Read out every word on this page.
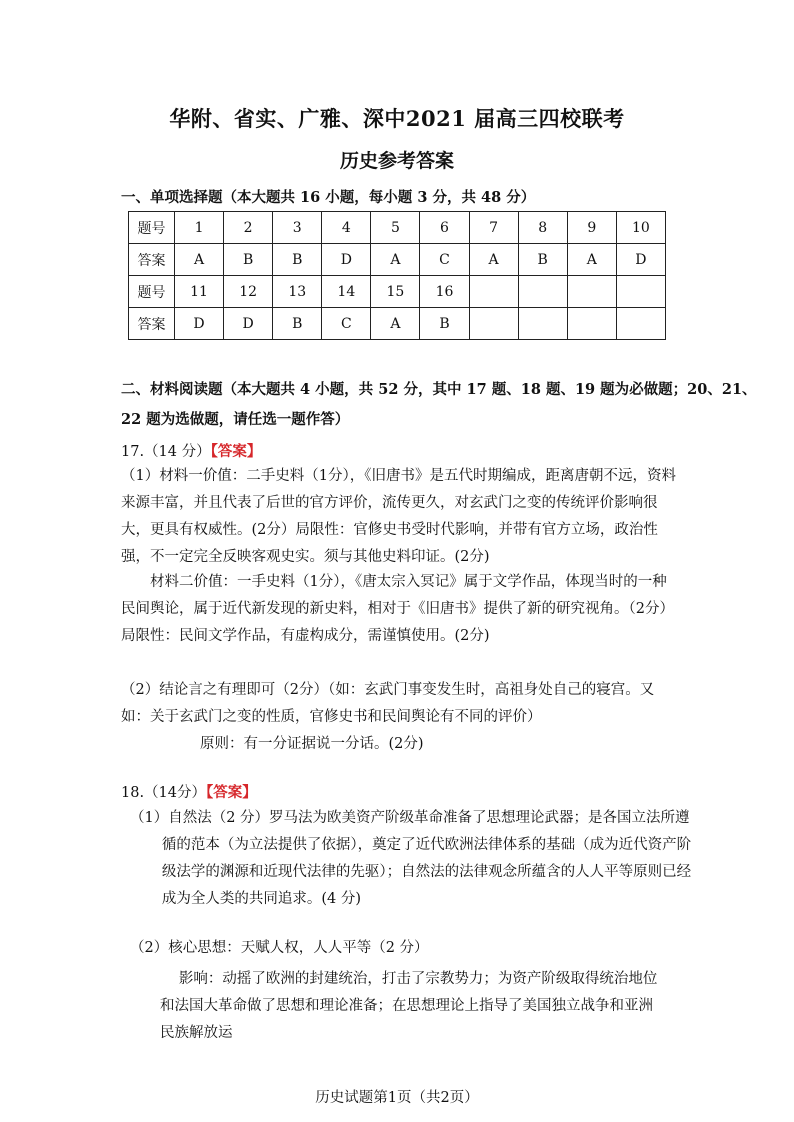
华附、省实、广雅、深中2021 届高三四校联考
历史参考答案
一、单项选择题（本大题共 16 小题，每小题 3 分，共 48 分）
题号	1	2	3	4	5	6	7	8	9	10
答案	A	B	B	D	A	C	A	B	A	D
题号	11	12	13	14	15	16				
答案	D	D	B	C	A	B				
二、材料阅读题（本大题共 4 小题，共 52 分，其中 17 题、18 题、19 题为必做题；20、21、
22 题为选做题，请任选一题作答）
17.（14 分）【答案】
（1）材料一价值：二手史料（1分），《旧唐书》是五代时期编成，距离唐朝不远，资料来源丰富，并且代表了后世的官方评价，流传更久，对玄武门之变的传统评价影响很大，更具有权威性。(2分）局限性：官修史书受时代影响，并带有官方立场，政治性强，不一定完全反映客观史实。须与其他史料印证。(2分)
材料二价值：一手史料（1分），《唐太宗入冥记》属于文学作品，体现当时的一种民间舆论，属于近代新发现的新史料，相对于《旧唐书》提供了新的研究视角。（2分）局限性：民间文学作品，有虚构成分，需谨慎使用。(2分)
（2）结论言之有理即可（2分）（如：玄武门事变发生时，高祖身处自己的寝宫。又如：关于玄武门之变的性质，官修史书和民间舆论有不同的评价）
原则：有一分证据说一分话。(2分)
18.（14分）【答案】
（1）自然法（2 分）罗马法为欧美资产阶级革命准备了思想理论武器；是各国立法所遵循的范本（为立法提供了依据），奠定了近代欧洲法律体系的基础（成为近代资产阶级法学的渊源和近现代法律的先驱）；自然法的法律观念所蕴含的人人平等原则已经成为全人类的共同追求。(4 分)
（2）核心思想：天赋人权，人人平等（2 分）
影响：动摇了欧洲的封建统治，打击了宗教势力；为资产阶级取得统治地位和法国大革命做了思想和理论准备；在思想理论上指导了美国独立战争和亚洲民族解放运
历史试题第1页（共2页）
